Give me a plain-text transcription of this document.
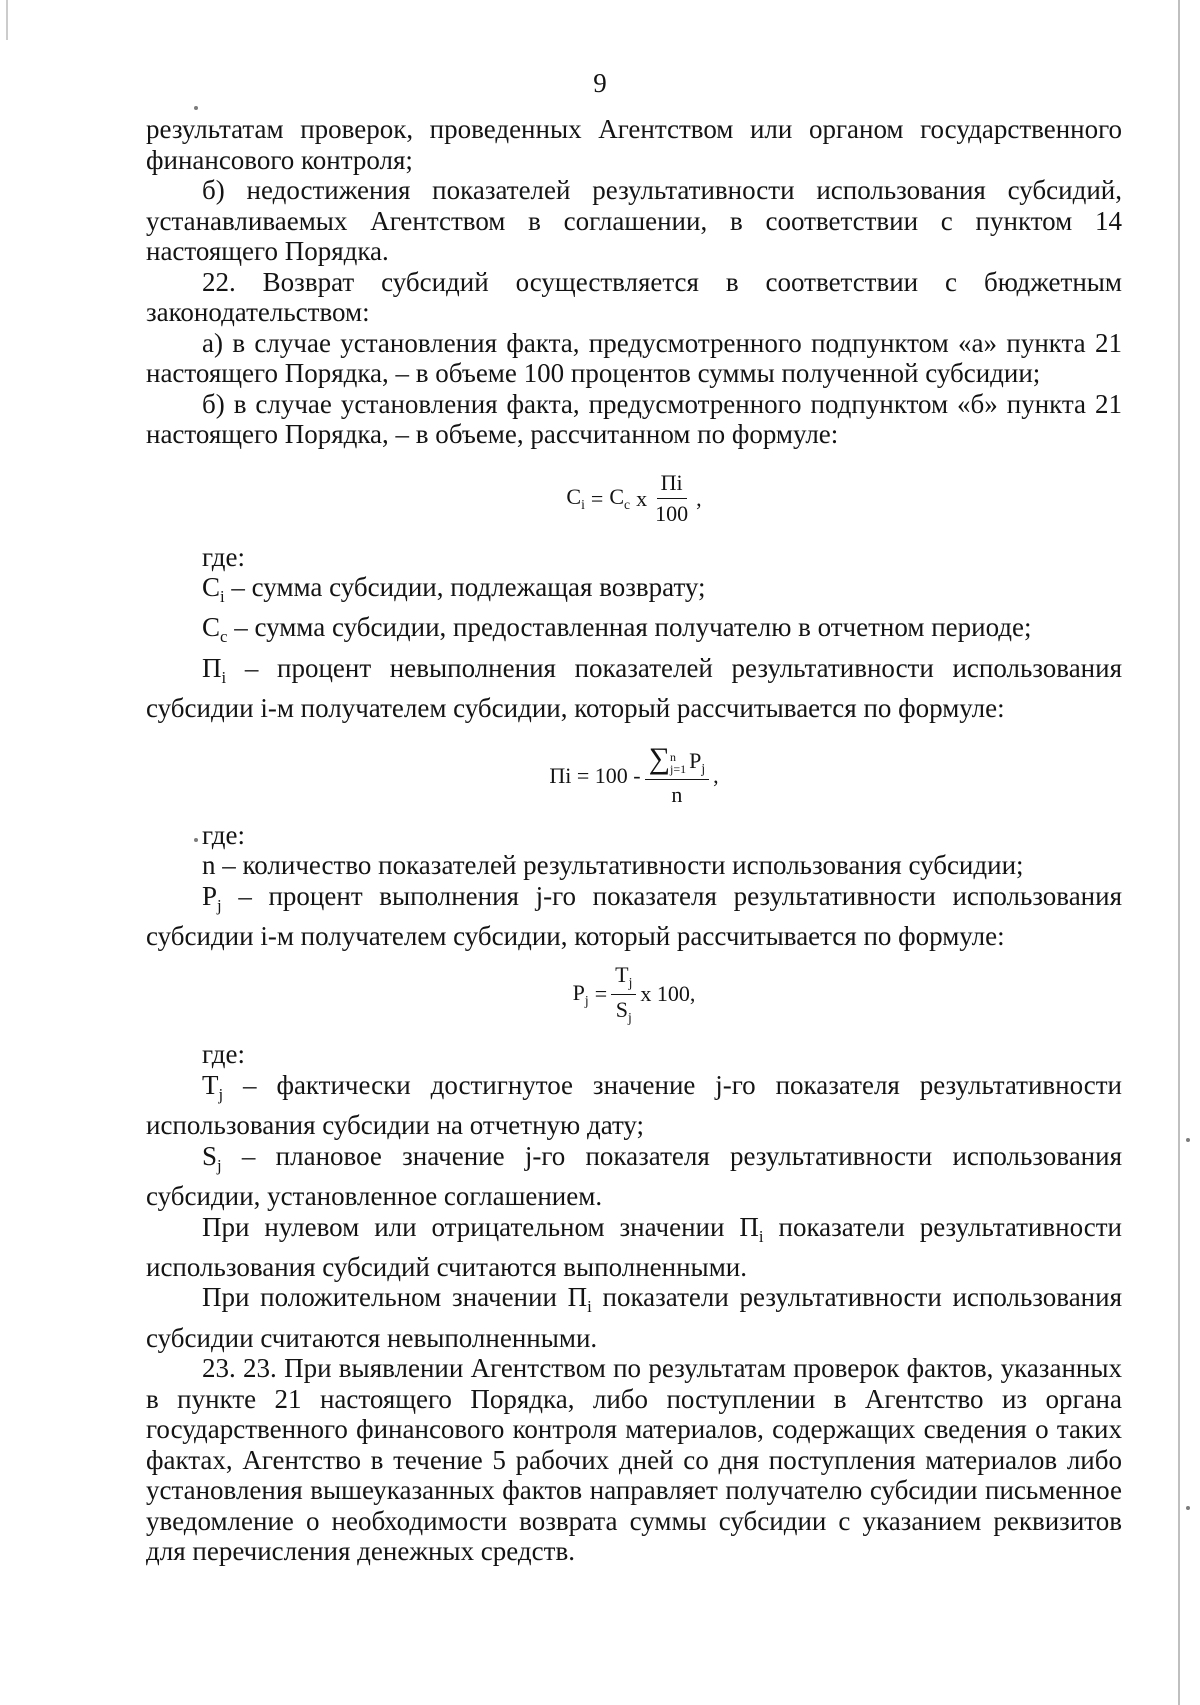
9

результатам проверок, проведенных Агентством или органом государственного финансового контроля;

б) недостижения показателей результативности использования субсидий, устанавливаемых Агентством в соглашении, в соответствии с пунктом 14 настоящего Порядка.

22. Возврат субсидий осуществляется в соответствии с бюджетным законодательством:

а) в случае установления факта, предусмотренного подпунктом «а» пункта 21 настоящего Порядка, – в объеме 100 процентов суммы полученной субсидии;

б) в случае установления факта, предусмотренного подпунктом «б» пункта 21 настоящего Порядка, – в объеме, рассчитанном по формуле:

$C_i = C_c$ x $\frac{Пi}{100}$ ,

где:

$C_i$ – сумма субсидии, подлежащая возврату;

$C_c$ – сумма субсидии, предоставленная получателю в отчетном периоде;

$П_i$ – процент невыполнения показателей результативности использования субсидии i-м получателем субсидии, который рассчитывается по формуле:

Пi = 100 - ∑ n
j=1 $P_j$
n ,

где:

n – количество показателей результативности использования субсидии;

$P_j$ – процент выполнения j-го показателя результативности использования субсидии i-м получателем субсидии, который рассчитывается по формуле:

$P_j = \frac{T_j}{S_j}$ x 100 ,

где:

$T_j$ – фактически достигнутое значение j-го показателя результативности использования субсидии на отчетную дату;

$S_j$ – плановое значение j-го показателя результативности использования субсидии, установленное соглашением.

При нулевом или отрицательном значении $П_i$ показатели результативности использования субсидий считаются выполненными.

При положительном значении $П_i$ показатели результативности использования субсидии считаются невыполненными.

23. 23. При выявлении Агентством по результатам проверок фактов, указанных в пункте 21 настоящего Порядка, либо поступлении в Агентство из органа государственного финансового контроля материалов, содержащих сведения о таких фактах, Агентство в течение 5 рабочих дней со дня поступления материалов либо установления вышеуказанных фактов направляет получателю субсидии письменное уведомление о необходимости возврата суммы субсидии с указанием реквизитов для перечисления денежных средств.
